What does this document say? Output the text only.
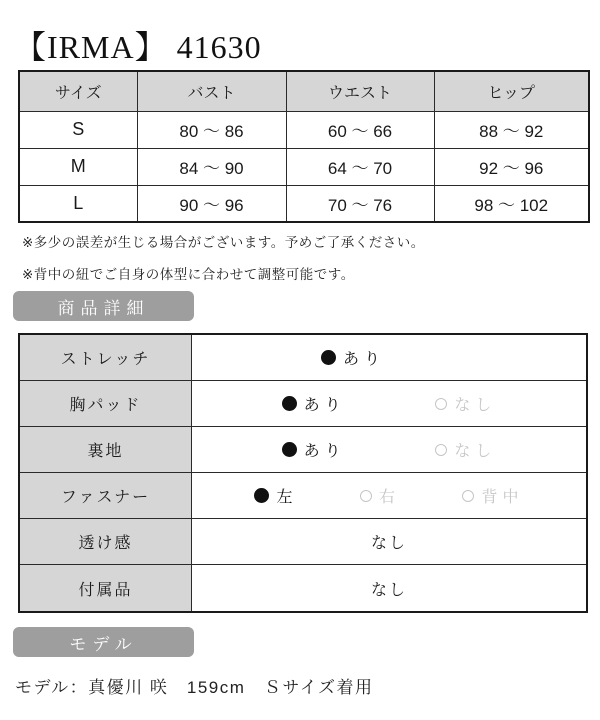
【IRMA】 41630
サイズ	バスト	ウエスト	ヒップ
S	80 ～ 86	60 ～ 66	88 ～ 92
M	84 ～ 90	64 ～ 70	92 ～ 96
L	90 ～ 96	70 ～ 76	98 ～ 102
※多少の誤差が生じる場合がございます。予めご了承ください。
※背中の紐でご自身の体型に合わせて調整可能です。
商品詳細
ストレッチ	あり
胸パッド	あり	なし
裏地	あり	なし
ファスナー	左	右	背中
透け感	なし
付属品	なし
モデル
モデル：真優川 咲　159cm　Ｓサイズ着用
